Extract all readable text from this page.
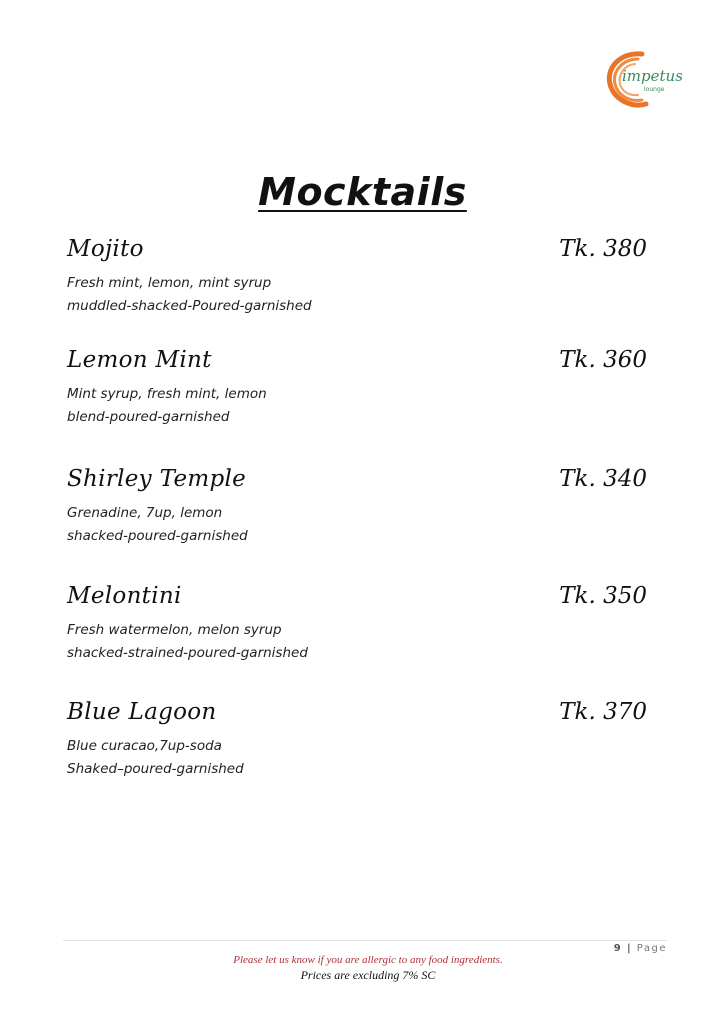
impetus
lounge
Mocktails
Mojito	Tk. 380
Fresh mint, lemon, mint syrup
muddled-shacked-Poured-garnished
Lemon Mint	Tk. 360
Mint syrup, fresh mint, lemon
blend-poured-garnished
Shirley Temple	Tk. 340
Grenadine, 7up, lemon
shacked-poured-garnished
Melontini	Tk. 350
Fresh watermelon, melon syrup
shacked-strained-poured-garnished
Blue Lagoon	Tk. 370
Blue curacao,7up-soda
Shaked–poured-garnished
9 | Page
Please let us know if you are allergic to any food ingredients.
Prices are excluding 7% SC
